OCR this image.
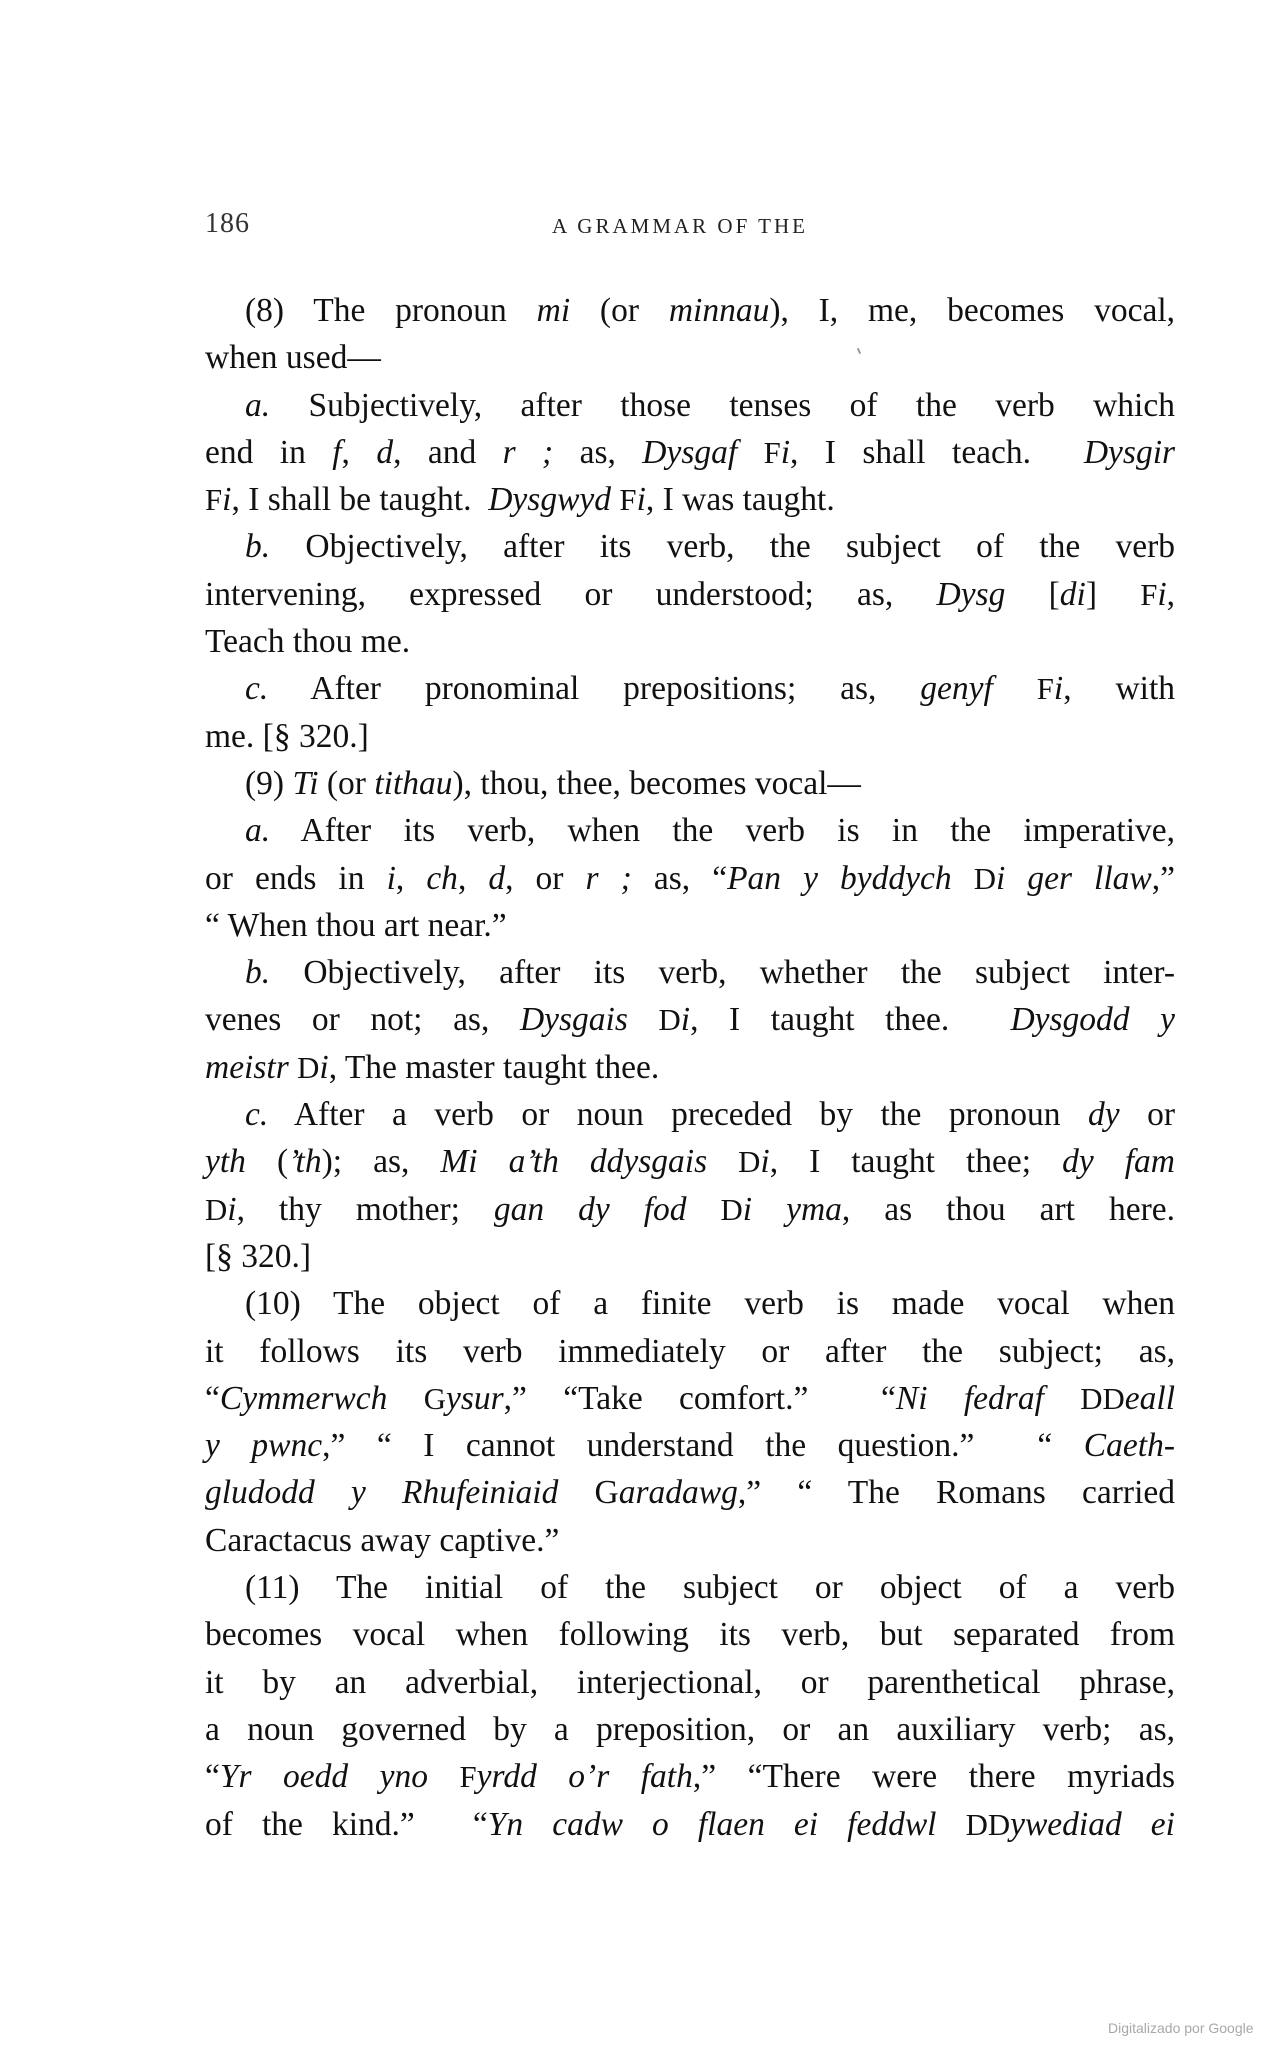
186	A GRAMMAR OF THE
(8) The pronoun mi (or minnau), I, me, becomes vocal,
when used—
a. Subjectively, after those tenses of the verb which
end in f, d, and r ; as, Dysgaf Fi, I shall teach.  Dysgir
Fi, I shall be taught.  Dysgwyd Fi, I was taught.
b. Objectively, after its verb, the subject of the verb
intervening, expressed or understood; as, Dysg [di] Fi,
Teach thou me.
c. After pronominal prepositions; as, genyf Fi, with
me. [§ 320.]
(9) Ti (or tithau), thou, thee, becomes vocal—
a. After its verb, when the verb is in the imperative,
or ends in i, ch, d, or r ; as, “Pan y byddych Di ger llaw,”
“ When thou art near.”
b. Objectively, after its verb, whether the subject inter-
venes or not; as, Dysgais Di, I taught thee.  Dysgodd y
meistr Di, The master taught thee.
c. After a verb or noun preceded by the pronoun dy or
yth (’th); as, Mi a’th ddysgais Di, I taught thee; dy fam
Di, thy mother; gan dy fod Di yma, as thou art here.
[§ 320.]
(10) The object of a finite verb is made vocal when
it follows its verb immediately or after the subject; as,
“Cymmerwch Gysur,” “Take comfort.”  “Ni fedraf DDeall
y pwnc,” “ I cannot understand the question.”  “ Caeth-
gludodd y Rhufeiniaid Garadawg,” “ The Romans carried
Caractacus away captive.”
(11) The initial of the subject or object of a verb
becomes vocal when following its verb, but separated from
it by an adverbial, interjectional, or parenthetical phrase,
a noun governed by a preposition, or an auxiliary verb; as,
“Yr oedd yno Fyrdd o’r fath,” “There were there myriads
of the kind.”  “Yn cadw o flaen ei feddwl DDywediad ei
Digitalizado por Google
